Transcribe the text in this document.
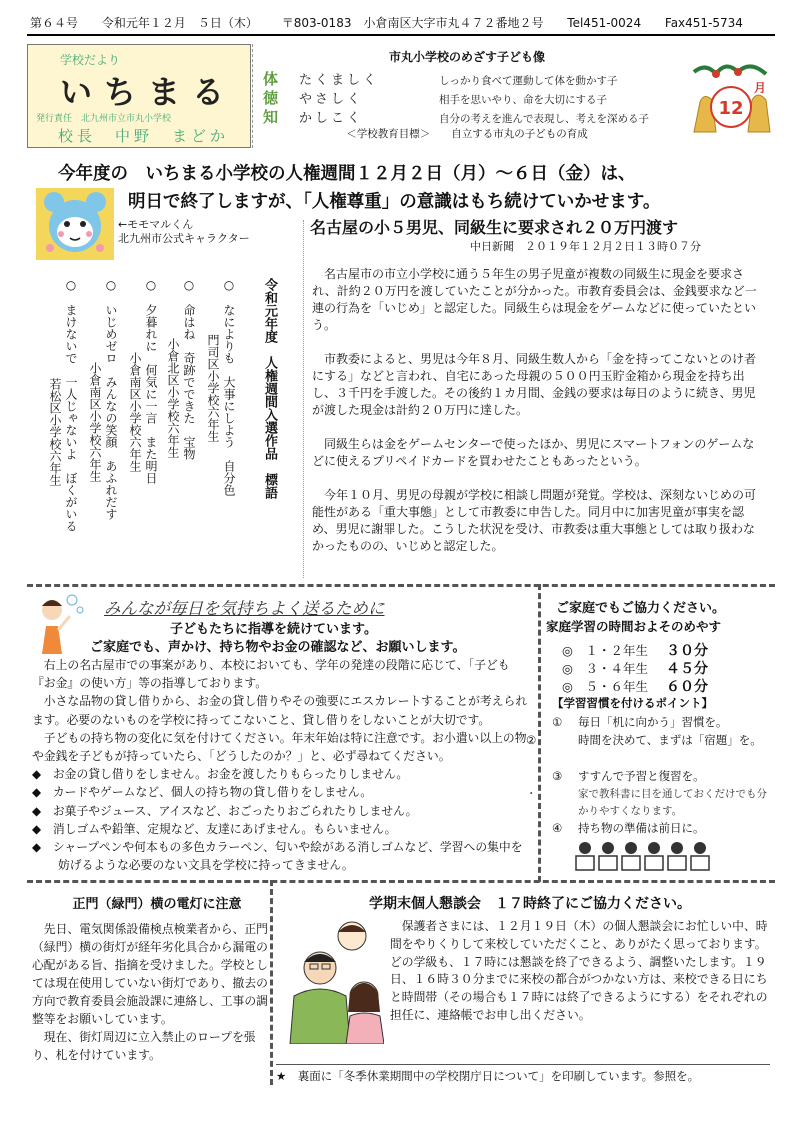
第６４号 令和元年１２月　５日（木） 〒803-0183　小倉南区大字市丸４７２番地２号 Tel451-0024 Fax451-5734
学校だより
いちまる
発行責任　北九州市立市丸小学校
校長　中野　まどか
市丸小学校のめざす子ども像
体 たくましく	しっかり食べて運動して体を動かす子
徳 やさしく	相手を思いやり、命を大切にする子
知 かしこく	自分の考えを進んで表現し、考えを深める子
＜学校教育目標＞　　自立する市丸の子どもの育成
12
月
今年度の　いちまる小学校の人権週間１２月２日（月）～６日（金）は、
明日で終了しますが、「人権尊重」の意識はもち続けていかせます。
←モモマルくん
北九州市公式キャラクター
令和元年度　人権週間入選作品　標語
○　なによりも　大事にしよう　自分色
門司区小学校六年生
○　命はね　奇跡でできた　宝物
小倉北区小学校六年生
○　夕暮れに　何気に一言　また明日
小倉南区小学校六年生
○　いじめゼロ　みんなの笑顔　あふれだす
小倉南区小学校六年生
○　まけないで　一人じゃないよ　ぼくがいる
若松区小学校六年生
名古屋の小５男児、同級生に要求され２０万円渡す
中日新聞　２０１９年１２月２日１３時０７分

名古屋市の市立小学校に通う５年生の男子児童が複数の同級生に現金を要求され、計約２０万円を渡していたことが分かった。市教育委員会は、金銭要求など一連の行為を「いじめ」と認定した。同級生らは現金をゲームなどに使っていたという。

市教委によると、男児は今年８月、同級生数人から「金を持ってこないとのけ者にする」などと言われ、自宅にあった母親の５００円玉貯金箱から現金を持ち出し、３千円を手渡した。その後約１カ月間、金銭の要求は毎日のように続き、男児が渡した現金は計約２０万円に達した。

同級生らは金をゲームセンターで使ったほか、男児にスマートフォンのゲームなどに使えるプリペイドカードを買わせたこともあったという。

今年１０月、男児の母親が学校に相談し問題が発覚。学校は、深刻ないじめの可能性がある「重大事態」として市教委に申告した。同月中に加害児童が事実を認め、男児に謝罪した。こうした状況を受け、市教委は重大事態としては取り扱わなかったものの、いじめと認定した。

みんなが毎日を気持ちよく送るために
子どもたちに指導を続けています。
ご家庭でも、声かけ、持ち物やお金の確認など、お願いします。
右上の名古屋市での事案があり、本校においても、学年の発達の段階に応じて、「子ども『お金』の使い方」等の指導しております。
小さな品物の貸し借りから、お金の貸し借りやその強要にエスカレートすることが考えられます。必要のないものを学校に持ってこないこと、貸し借りをしないことが大切です。
子どもの持ち物の変化に気を付けてください。年末年始は特に注意です。お小遣い以上の物や金銭を子どもが持っていたら、「どうしたのか？」と、必ず尋ねてください。
◆　お金の貸し借りをしません。お金を渡したりもらったりしません。
◆　カードやゲームなど、個人の持ち物の貸し借りをしません。
◆　お菓子やジュース、アイスなど、おごったりおごられたりしません。
◆　消しゴムや鉛筆、定規など、友達にあげません。もらいません。
◆　シャープペンや何本もの多色カラーペン、匂いや絵がある消しゴムなど、学習への集中を妨げるような必要のない文具を学校に持ってきません。
ご家庭でもご協力ください。
家庭学習の時間およそのめやす
◎　 １・２年生 ３０分
◎　 ３・４年生 ４５分
◎　 ５・６年生 ６０分
【学習習慣を付けるポイント】
① 毎日「机に向かう」習慣を。
②	時間を決めて、まずは「宿題」を。
③ すすんで予習と復習を。
・	家で教科書に目を通しておくだけでも分かりやすくなります。
④ 持ち物の準備は前日に。
正門（緑門）横の電灯に注意

先日、電気関係設備検点検業者から、正門（緑門）横の街灯が経年劣化具合から漏電の心配がある旨、指摘を受けました。学校としては現在使用していない街灯であり、撤去の方向で教育委員会施設課に連絡し、工事の調整等をお願いしています。

現在、街灯周辺に立入禁止のロープを張り、札を付けています。

学期末個人懇談会　１７時終了にご協力ください。

保護者さまには、１２月１９日（木）の個人懇談会にお忙しい中、時間をやりくりして来校していただくこと、ありがたく思っております。どの学級も、１７時には懇談を終了できるよう、調整いたします。１９日、１６時３０分までに来校の都合がつかない方は、来校できる日にちと時間帯（その場合も１７時には終了できるようにする）をそれぞれの担任に、連絡帳でお申し出ください。

★　裏面に「冬季休業期間中の学校閉庁日について」を印刷しています。参照を。
